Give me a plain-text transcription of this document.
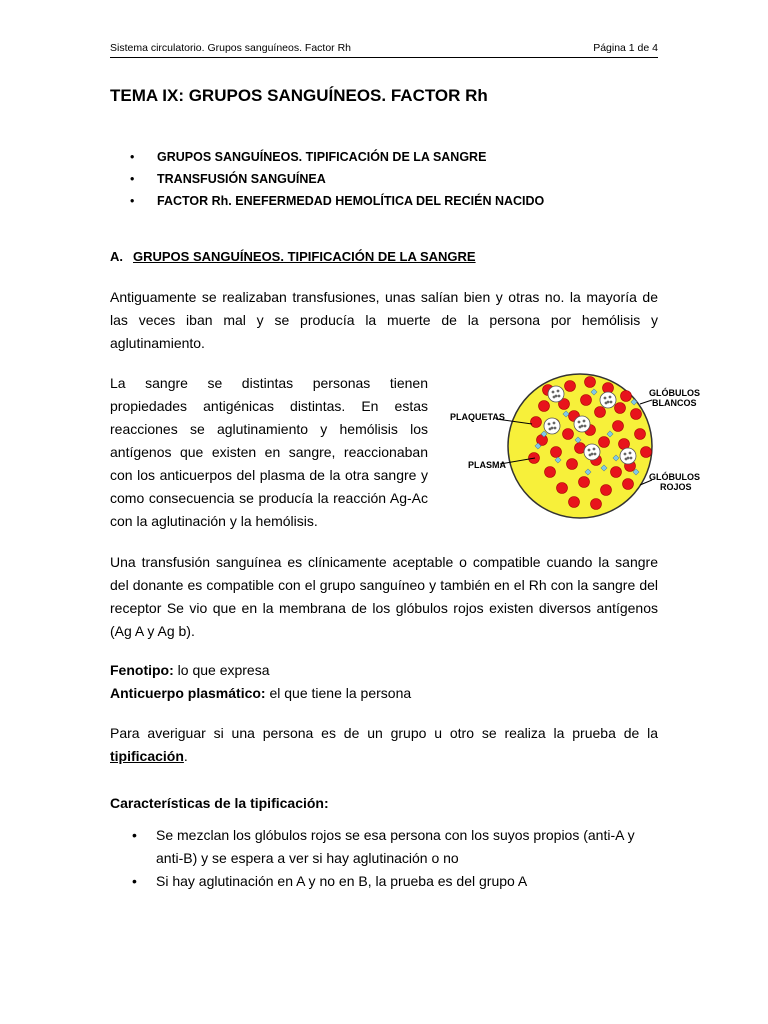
Sistema circulatorio. Grupos sanguíneos. Factor Rh	Página 1 de 4
TEMA IX: GRUPOS SANGUÍNEOS. FACTOR Rh
• GRUPOS SANGUÍNEOS. TIPIFICACIÓN DE LA SANGRE
• TRANSFUSIÓN SANGUÍNEA
• FACTOR Rh. ENEFERMEDAD HEMOLÍTICA DEL RECIÉN NACIDO
A. GRUPOS SANGUÍNEOS. TIPIFICACIÓN DE LA SANGRE

Antiguamente se realizaban transfusiones, unas salían bien y otras no. la mayoría de las veces iban mal y se producía la muerte de la persona por hemólisis y aglutinamiento.

La sangre se distintas personas tienen propiedades antigénicas distintas. En estas reacciones se aglutinamiento y hemólisis los antígenos que existen en sangre, reaccionaban con los anticuerpos del plasma de la otra sangre y como consecuencia se producía la reacción Ag-Ac con la aglutinación y la hemólisis.

GLÓBULOS
BLANCOS
PLAQUETAS
PLASMA
GLÓBULOS
ROJOS

Una transfusión sanguínea es clínicamente aceptable o compatible cuando la sangre del donante es compatible con el grupo sanguíneo y también en el Rh con la sangre del receptor Se vio que en la membrana de los glóbulos rojos existen diversos antígenos (Ag A y Ag b).

Fenotipo: lo que expresa

Anticuerpo plasmático: el que tiene la persona

Para averiguar si una persona es de un grupo u otro se realiza la prueba de la tipificación.

Características de la tipificación:

• Se mezclan los glóbulos rojos se esa persona con los suyos propios (anti-A y anti-B) y se espera a ver si hay aglutinación o no
• Si hay aglutinación en A y no en B, la prueba es del grupo A
